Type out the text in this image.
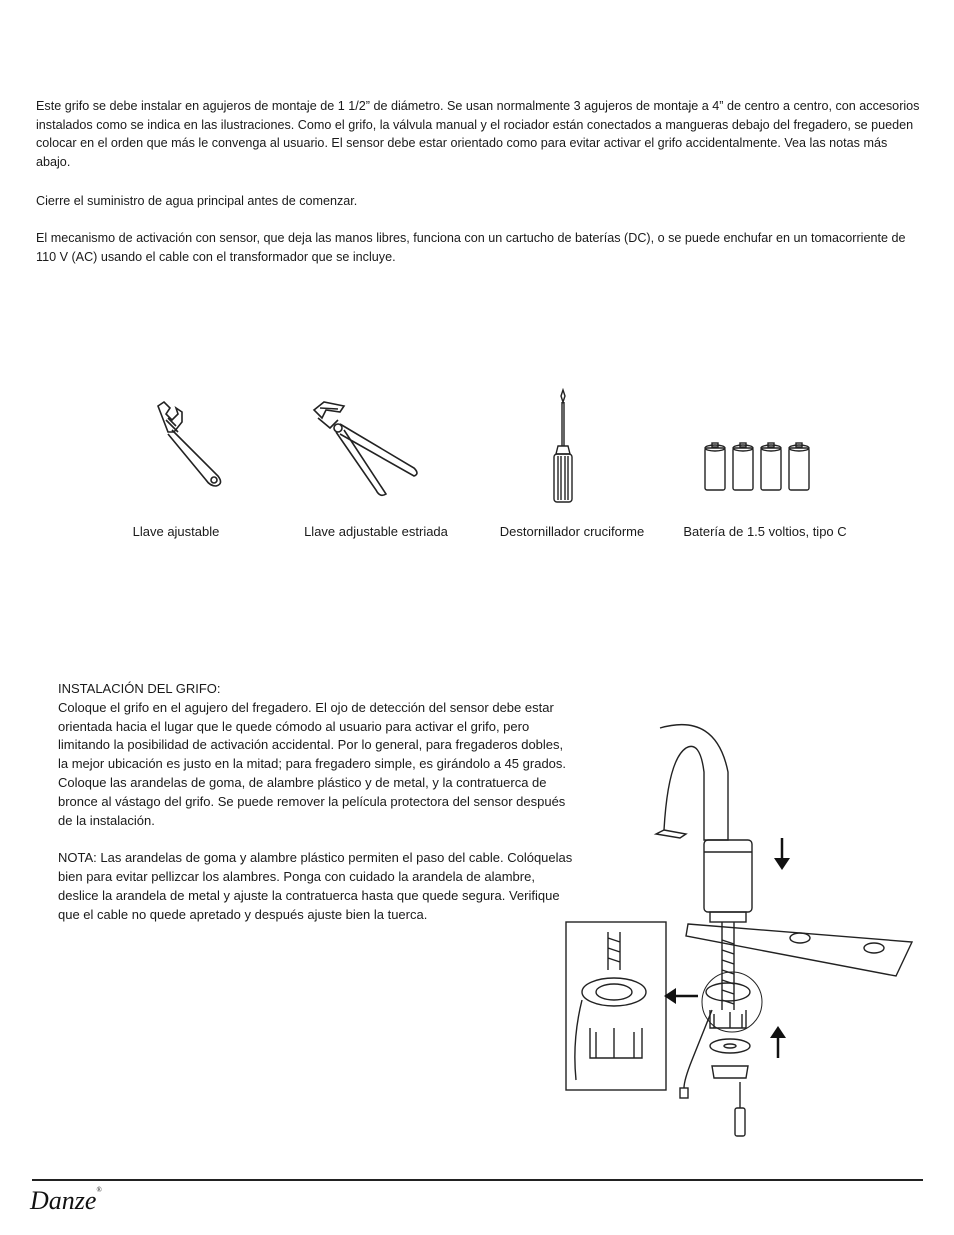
Este grifo se debe instalar en agujeros de montaje de 1 1/2” de diámetro. Se usan normalmente 3 agujeros de montaje a 4” de centro a centro, con accesorios instalados como se indica en las ilustraciones. Como el grifo, la válvula manual y el rociador están conectados a mangueras debajo del fregadero, se pueden colocar en el orden que más le convenga al usuario. El sensor debe estar orientado como para evitar activar el grifo accidentalmente. Vea las notas más abajo.

Cierre el suministro de agua principal antes de comenzar.

El mecanismo de activación con sensor, que deja las manos libres, funciona con un cartucho de baterías (DC), o se puede enchufar en un tomacorriente de 110 V (AC) usando el cable con el transformador que se incluye.

Llave ajustable	Llave adjustable estriada	Destornillador cruciforme	Batería de 1.5 voltios, tipo C

INSTALACIÓN DEL GRIFO:

Coloque el grifo en el agujero del fregadero. El ojo de detección del sensor debe estar orientada hacia el lugar que le quede cómodo al usuario para activar el grifo, pero limitando la posibilidad de activación accidental. Por lo general, para fregaderos dobles, la mejor ubicación es justo en la mitad; para fregadero simple, es girándolo a 45 grados. Coloque las arandelas de goma, de alambre plástico y de metal, y la contratuerca de bronce al vástago del grifo. Se puede remover la película protectora del sensor después de la instalación.

NOTA: Las arandelas de goma y alambre plástico permiten el paso del cable. Colóquelas bien para evitar pellizcar los alambres. Ponga con cuidado la arandela de alambre, deslice la arandela de metal y ajuste la contratuerca hasta que quede segura. Verifique que el cable no quede apretado y después ajuste bien la tuerca.

Danze®
